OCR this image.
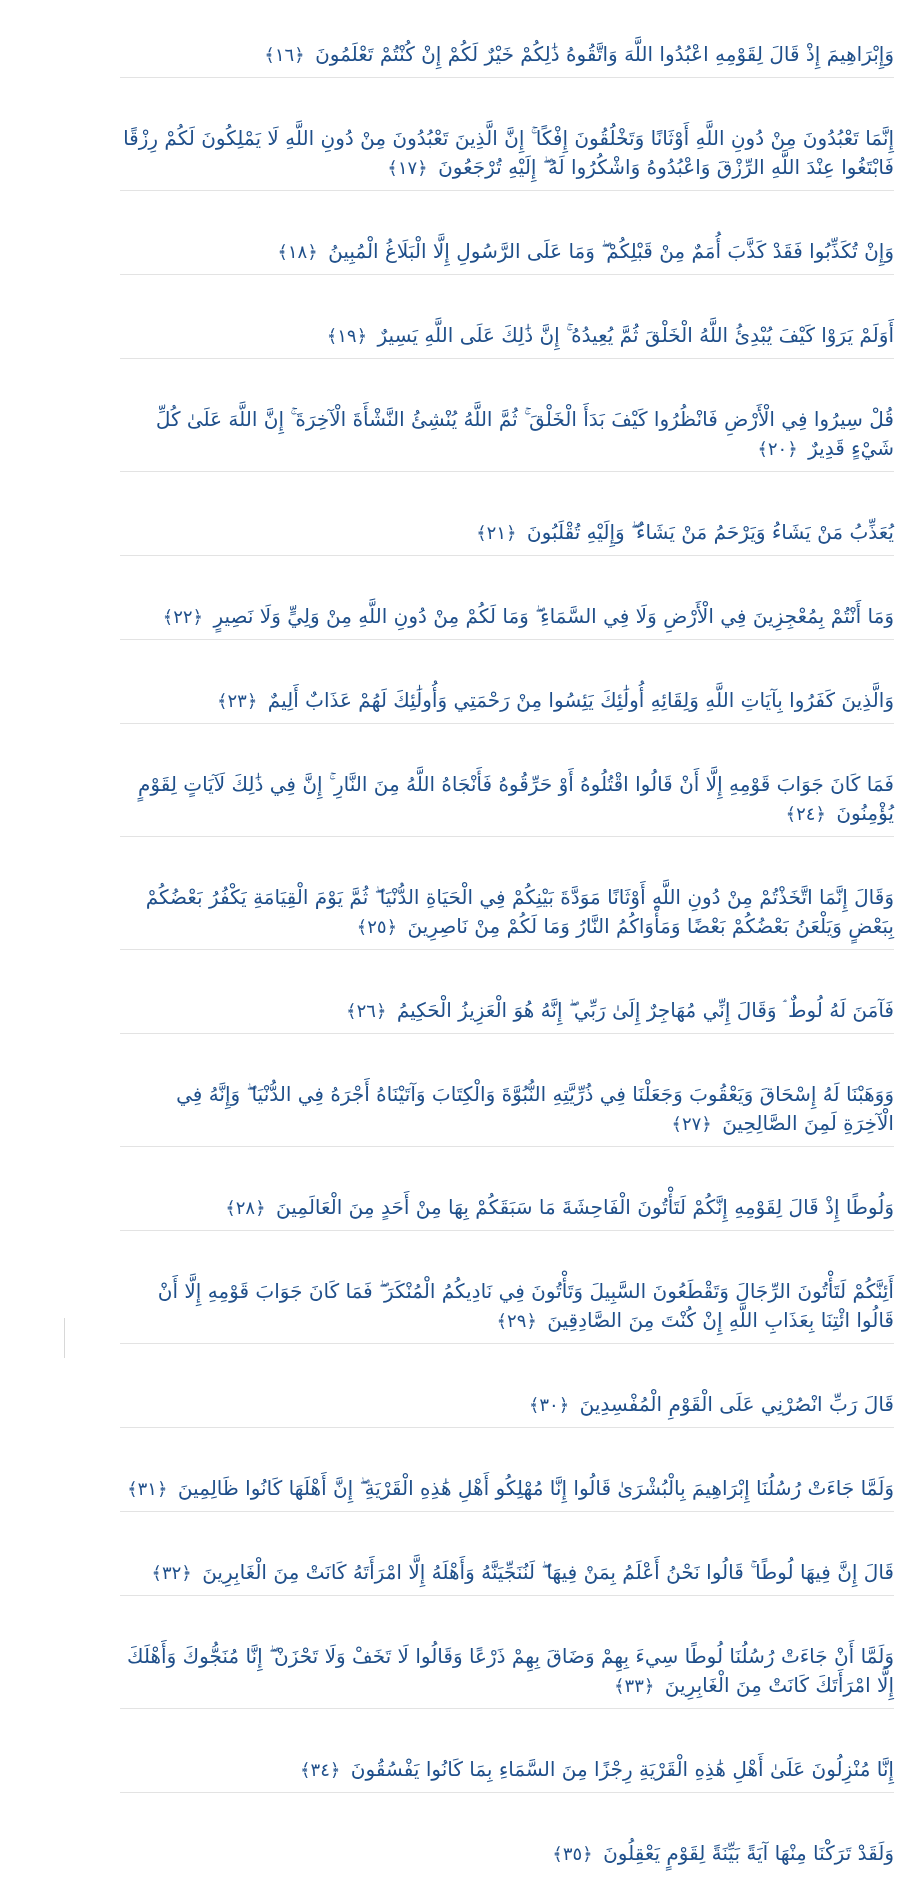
وَإِبْرَاهِيمَ إِذْ قَالَ لِقَوْمِهِ اعْبُدُوا اللَّهَ وَاتَّقُوهُ ذَٰلِكُمْ خَيْرٌ لَكُمْ إِنْ كُنْتُمْ تَعْلَمُونَ ﴿١٦﴾

إِنَّمَا تَعْبُدُونَ مِنْ دُونِ اللَّهِ أَوْثَانًا وَتَخْلُقُونَ إِفْكًا ۚ إِنَّ الَّذِينَ تَعْبُدُونَ مِنْ دُونِ اللَّهِ لَا يَمْلِكُونَ لَكُمْ رِزْقًا فَابْتَغُوا عِنْدَ اللَّهِ الرِّزْقَ وَاعْبُدُوهُ وَاشْكُرُوا لَهُ ۖ إِلَيْهِ تُرْجَعُونَ ﴿١٧﴾

وَإِنْ تُكَذِّبُوا فَقَدْ كَذَّبَ أُمَمٌ مِنْ قَبْلِكُمْ ۖ وَمَا عَلَى الرَّسُولِ إِلَّا الْبَلَاغُ الْمُبِينُ ﴿١٨﴾

أَوَلَمْ يَرَوْا كَيْفَ يُبْدِئُ اللَّهُ الْخَلْقَ ثُمَّ يُعِيدُهُ ۚ إِنَّ ذَٰلِكَ عَلَى اللَّهِ يَسِيرٌ ﴿١٩﴾

قُلْ سِيرُوا فِي الْأَرْضِ فَانْظُرُوا كَيْفَ بَدَأَ الْخَلْقَ ۚ ثُمَّ اللَّهُ يُنْشِئُ النَّشْأَةَ الْآخِرَةَ ۚ إِنَّ اللَّهَ عَلَىٰ كُلِّ شَيْءٍ قَدِيرٌ ﴿٢٠﴾

يُعَذِّبُ مَنْ يَشَاءُ وَيَرْحَمُ مَنْ يَشَاءُ ۖ وَإِلَيْهِ تُقْلَبُونَ ﴿٢١﴾

وَمَا أَنْتُمْ بِمُعْجِزِينَ فِي الْأَرْضِ وَلَا فِي السَّمَاءِ ۖ وَمَا لَكُمْ مِنْ دُونِ اللَّهِ مِنْ وَلِيٍّ وَلَا نَصِيرٍ ﴿٢٢﴾

وَالَّذِينَ كَفَرُوا بِآيَاتِ اللَّهِ وَلِقَائِهِ أُولَٰئِكَ يَئِسُوا مِنْ رَحْمَتِي وَأُولَٰئِكَ لَهُمْ عَذَابٌ أَلِيمٌ ﴿٢٣﴾

فَمَا كَانَ جَوَابَ قَوْمِهِ إِلَّا أَنْ قَالُوا اقْتُلُوهُ أَوْ حَرِّقُوهُ فَأَنْجَاهُ اللَّهُ مِنَ النَّارِ ۚ إِنَّ فِي ذَٰلِكَ لَآيَاتٍ لِقَوْمٍ يُؤْمِنُونَ ﴿٢٤﴾

وَقَالَ إِنَّمَا اتَّخَذْتُمْ مِنْ دُونِ اللَّهِ أَوْثَانًا مَوَدَّةَ بَيْنِكُمْ فِي الْحَيَاةِ الدُّنْيَا ۖ ثُمَّ يَوْمَ الْقِيَامَةِ يَكْفُرُ بَعْضُكُمْ بِبَعْضٍ وَيَلْعَنُ بَعْضُكُمْ بَعْضًا وَمَأْوَاكُمُ النَّارُ وَمَا لَكُمْ مِنْ نَاصِرِينَ ﴿٢٥﴾

فَآمَنَ لَهُ لُوطٌ ۘ وَقَالَ إِنِّي مُهَاجِرٌ إِلَىٰ رَبِّي ۖ إِنَّهُ هُوَ الْعَزِيزُ الْحَكِيمُ ﴿٢٦﴾

وَوَهَبْنَا لَهُ إِسْحَاقَ وَيَعْقُوبَ وَجَعَلْنَا فِي ذُرِّيَّتِهِ النُّبُوَّةَ وَالْكِتَابَ وَآتَيْنَاهُ أَجْرَهُ فِي الدُّنْيَا ۖ وَإِنَّهُ فِي الْآخِرَةِ لَمِنَ الصَّالِحِينَ ﴿٢٧﴾

وَلُوطًا إِذْ قَالَ لِقَوْمِهِ إِنَّكُمْ لَتَأْتُونَ الْفَاحِشَةَ مَا سَبَقَكُمْ بِهَا مِنْ أَحَدٍ مِنَ الْعَالَمِينَ ﴿٢٨﴾

أَئِنَّكُمْ لَتَأْتُونَ الرِّجَالَ وَتَقْطَعُونَ السَّبِيلَ وَتَأْتُونَ فِي نَادِيكُمُ الْمُنْكَرَ ۖ فَمَا كَانَ جَوَابَ قَوْمِهِ إِلَّا أَنْ قَالُوا ائْتِنَا بِعَذَابِ اللَّهِ إِنْ كُنْتَ مِنَ الصَّادِقِينَ ﴿٢٩﴾

قَالَ رَبِّ انْصُرْنِي عَلَى الْقَوْمِ الْمُفْسِدِينَ ﴿٣٠﴾

وَلَمَّا جَاءَتْ رُسُلُنَا إِبْرَاهِيمَ بِالْبُشْرَىٰ قَالُوا إِنَّا مُهْلِكُو أَهْلِ هَٰذِهِ الْقَرْيَةِ ۖ إِنَّ أَهْلَهَا كَانُوا ظَالِمِينَ ﴿٣١﴾

قَالَ إِنَّ فِيهَا لُوطًا ۚ قَالُوا نَحْنُ أَعْلَمُ بِمَنْ فِيهَا ۖ لَنُنَجِّيَنَّهُ وَأَهْلَهُ إِلَّا امْرَأَتَهُ كَانَتْ مِنَ الْغَابِرِينَ ﴿٣٢﴾

وَلَمَّا أَنْ جَاءَتْ رُسُلُنَا لُوطًا سِيءَ بِهِمْ وَضَاقَ بِهِمْ ذَرْعًا وَقَالُوا لَا تَخَفْ وَلَا تَحْزَنْ ۖ إِنَّا مُنَجُّوكَ وَأَهْلَكَ إِلَّا امْرَأَتَكَ كَانَتْ مِنَ الْغَابِرِينَ ﴿٣٣﴾

إِنَّا مُنْزِلُونَ عَلَىٰ أَهْلِ هَٰذِهِ الْقَرْيَةِ رِجْزًا مِنَ السَّمَاءِ بِمَا كَانُوا يَفْسُقُونَ ﴿٣٤﴾

وَلَقَدْ تَرَكْنَا مِنْهَا آيَةً بَيِّنَةً لِقَوْمٍ يَعْقِلُونَ ﴿٣٥﴾
